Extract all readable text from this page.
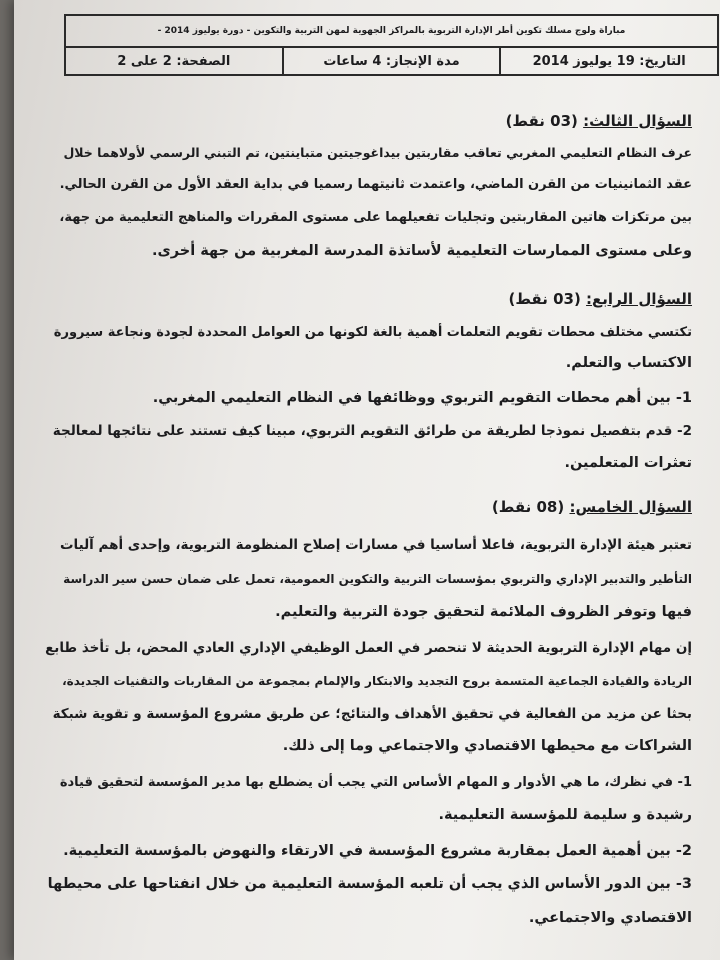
مباراة ولوج مسلك تكوين أطر الإدارة التربوية بالمراكز الجهوية لمهن التربية والتكوين - دورة يوليوز 2014 -
التاريخ: 19 يوليوز 2014
مدة الإنجاز: 4 ساعات
الصفحة: 2 على 2
السؤال الثالث: (03 نقط)
عرف النظام التعليمي المغربي تعاقب مقاربتين بيداغوجيتين متباينتين، تم التبني الرسمي لأولاهما خلال
عقد الثمانينيات من القرن الماضي، واعتمدت ثانيتهما رسميا في بداية العقد الأول من القرن الحالي.
بين مرتكزات هاتين المقاربتين وتجليات تفعيلهما على مستوى المقررات والمناهج التعليمية من جهة،
وعلى مستوى الممارسات التعليمية لأساتذة المدرسة المغربية من جهة أخرى.
السؤال الرابع: (03 نقط)
تكتسي مختلف محطات تقويم التعلمات أهمية بالغة لكونها من العوامل المحددة لجودة ونجاعة سيرورة
الاكتساب والتعلم.
1- بين أهم محطات التقويم التربوي ووظائفها في النظام التعليمي المغربي.
2- قدم بتفصيل نموذجا لطريقة من طرائق التقويم التربوي، مبينا كيف تستند على نتائجها لمعالجة
تعثرات المتعلمين.
السؤال الخامس: (08 نقط)
تعتبر هيئة الإدارة التربوية، فاعلا أساسيا في مسارات إصلاح المنظومة التربوية، وإحدى أهم آليات
التأطير والتدبير الإداري والتربوي بمؤسسات التربية والتكوين العمومية، تعمل على ضمان حسن سير الدراسة
فيها وتوفر الظروف الملائمة لتحقيق جودة التربية والتعليم.
إن مهام الإدارة التربوية الحديثة لا تنحصر في العمل الوظيفي الإداري العادي المحض، بل تأخذ طابع
الريادة والقيادة الجماعية المتسمة بروح التجديد والابتكار والإلمام بمجموعة من المقاربات والتقنيات الجديدة،
بحثا عن مزيد من الفعالية في تحقيق الأهداف والنتائج؛ عن طريق مشروع المؤسسة و تقوية شبكة
الشراكات مع محيطها الاقتصادي والاجتماعي وما إلى ذلك.
1- في نظرك، ما هي الأدوار و المهام الأساس التي يجب أن يضطلع بها مدير المؤسسة لتحقيق قيادة
رشيدة و سليمة للمؤسسة التعليمية.
2- بين أهمية العمل بمقاربة مشروع المؤسسة في الارتقاء والنهوض بالمؤسسة التعليمية.
3- بين الدور الأساس الذي يجب أن تلعبه المؤسسة التعليمية من خلال انفتاحها على محيطها
الاقتصادي والاجتماعي.
